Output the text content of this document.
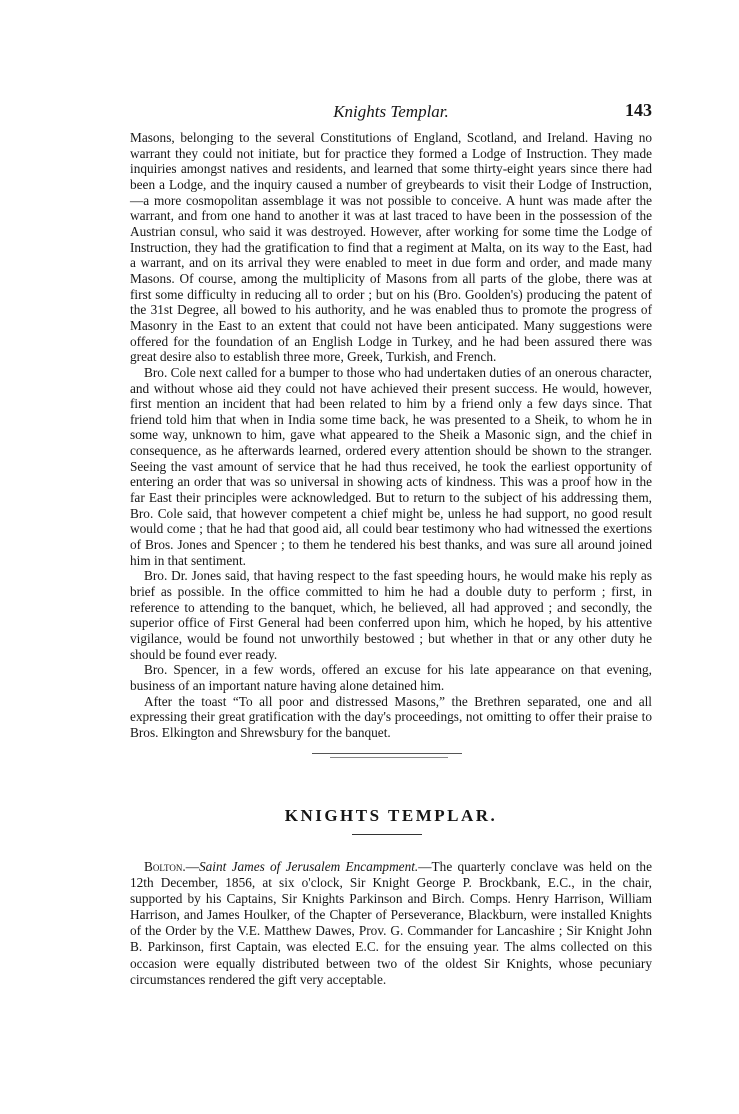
Knights Templar.	143

Masons, belonging to the several Constitutions of England, Scotland, and Ireland. Having no warrant they could not initiate, but for practice they formed a Lodge of Instruction. They made inquiries amongst natives and residents, and learned that some thirty-eight years since there had been a Lodge, and the inquiry caused a number of greybeards to visit their Lodge of Instruction,—a more cosmopolitan assemblage it was not possible to conceive. A hunt was made after the warrant, and from one hand to another it was at last traced to have been in the possession of the Austrian consul, who said it was destroyed. However, after working for some time the Lodge of Instruction, they had the gratification to find that a regiment at Malta, on its way to the East, had a warrant, and on its arrival they were enabled to meet in due form and order, and made many Masons. Of course, among the multiplicity of Masons from all parts of the globe, there was at first some difficulty in reducing all to order ; but on his (Bro. Goolden's) producing the patent of the 31st Degree, all bowed to his authority, and he was enabled thus to promote the progress of Masonry in the East to an extent that could not have been anticipated. Many suggestions were offered for the foundation of an English Lodge in Turkey, and he had been assured there was great desire also to establish three more, Greek, Turkish, and French.

Bro. Cole next called for a bumper to those who had undertaken duties of an onerous character, and without whose aid they could not have achieved their present success. He would, however, first mention an incident that had been related to him by a friend only a few days since. That friend told him that when in India some time back, he was presented to a Sheik, to whom he in some way, unknown to him, gave what appeared to the Sheik a Masonic sign, and the chief in consequence, as he afterwards learned, ordered every attention should be shown to the stranger. Seeing the vast amount of service that he had thus received, he took the earliest opportunity of entering an order that was so universal in showing acts of kindness. This was a proof how in the far East their principles were acknowledged. But to return to the subject of his addressing them, Bro. Cole said, that however competent a chief might be, unless he had support, no good result would come ; that he had that good aid, all could bear testimony who had witnessed the exertions of Bros. Jones and Spencer ; to them he tendered his best thanks, and was sure all around joined him in that sentiment.

Bro. Dr. Jones said, that having respect to the fast speeding hours, he would make his reply as brief as possible. In the office committed to him he had a double duty to perform ; first, in reference to attending to the banquet, which, he believed, all had approved ; and secondly, the superior office of First General had been conferred upon him, which he hoped, by his attentive vigilance, would be found not unworthily bestowed ; but whether in that or any other duty he should be found ever ready.

Bro. Spencer, in a few words, offered an excuse for his late appearance on that evening, business of an important nature having alone detained him.

After the toast “To all poor and distressed Masons,” the Brethren separated, one and all expressing their great gratification with the day's proceedings, not omitting to offer their praise to Bros. Elkington and Shrewsbury for the banquet.

KNIGHTS TEMPLAR.

Bolton.—Saint James of Jerusalem Encampment.—The quarterly conclave was held on the 12th December, 1856, at six o'clock, Sir Knight George P. Brockbank, E.C., in the chair, supported by his Captains, Sir Knights Parkinson and Birch. Comps. Henry Harrison, William Harrison, and James Houlker, of the Chapter of Perseverance, Blackburn, were installed Knights of the Order by the V.E. Matthew Dawes, Prov. G. Commander for Lancashire ; Sir Knight John B. Parkinson, first Captain, was elected E.C. for the ensuing year. The alms collected on this occasion were equally distributed between two of the oldest Sir Knights, whose pecuniary circumstances rendered the gift very acceptable.
